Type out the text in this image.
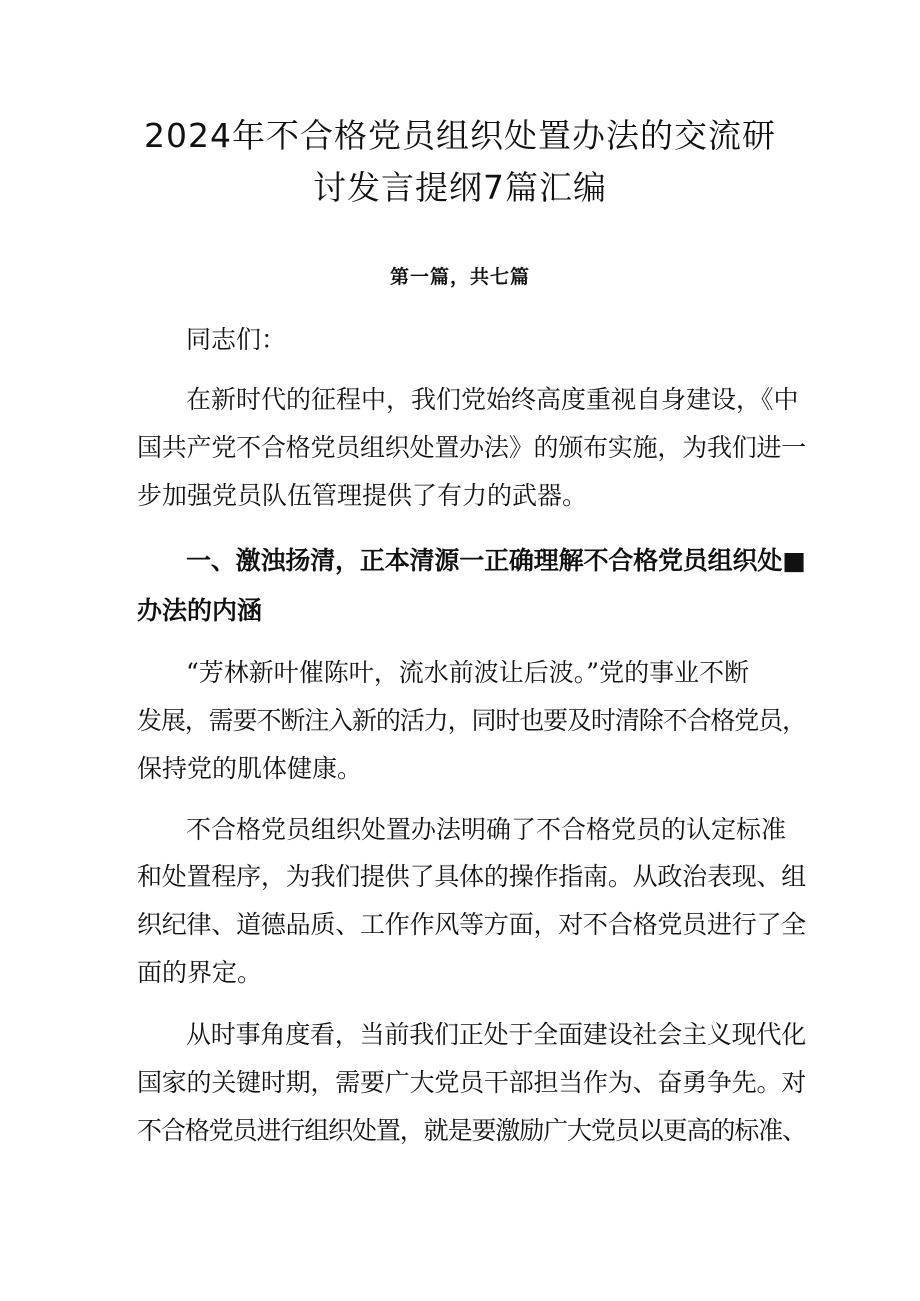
2024年不合格党员组织处置办法的交流研
讨发言提纲7篇汇编
第一篇，共七篇
同志们：
在新时代的征程中，我们党始终高度重视自身建设，《中
国共产党不合格党员组织处置办法》的颁布实施，为我们进一
步加强党员队伍管理提供了有力的武器。
一、激浊扬清，正本清源一正确理解不合格党员组织处■
办法的内涵
“芳林新叶催陈叶，流水前波让后波。”党的事业不断
发展，需要不断注入新的活力，同时也要及时清除不合格党员，
保持党的肌体健康。
不合格党员组织处置办法明确了不合格党员的认定标准
和处置程序，为我们提供了具体的操作指南。从政治表现、组
织纪律、道德品质、工作作风等方面，对不合格党员进行了全
面的界定。
从时事角度看，当前我们正处于全面建设社会主义现代化
国家的关键时期，需要广大党员干部担当作为、奋勇争先。对
不合格党员进行组织处置，就是要激励广大党员以更高的标准、
